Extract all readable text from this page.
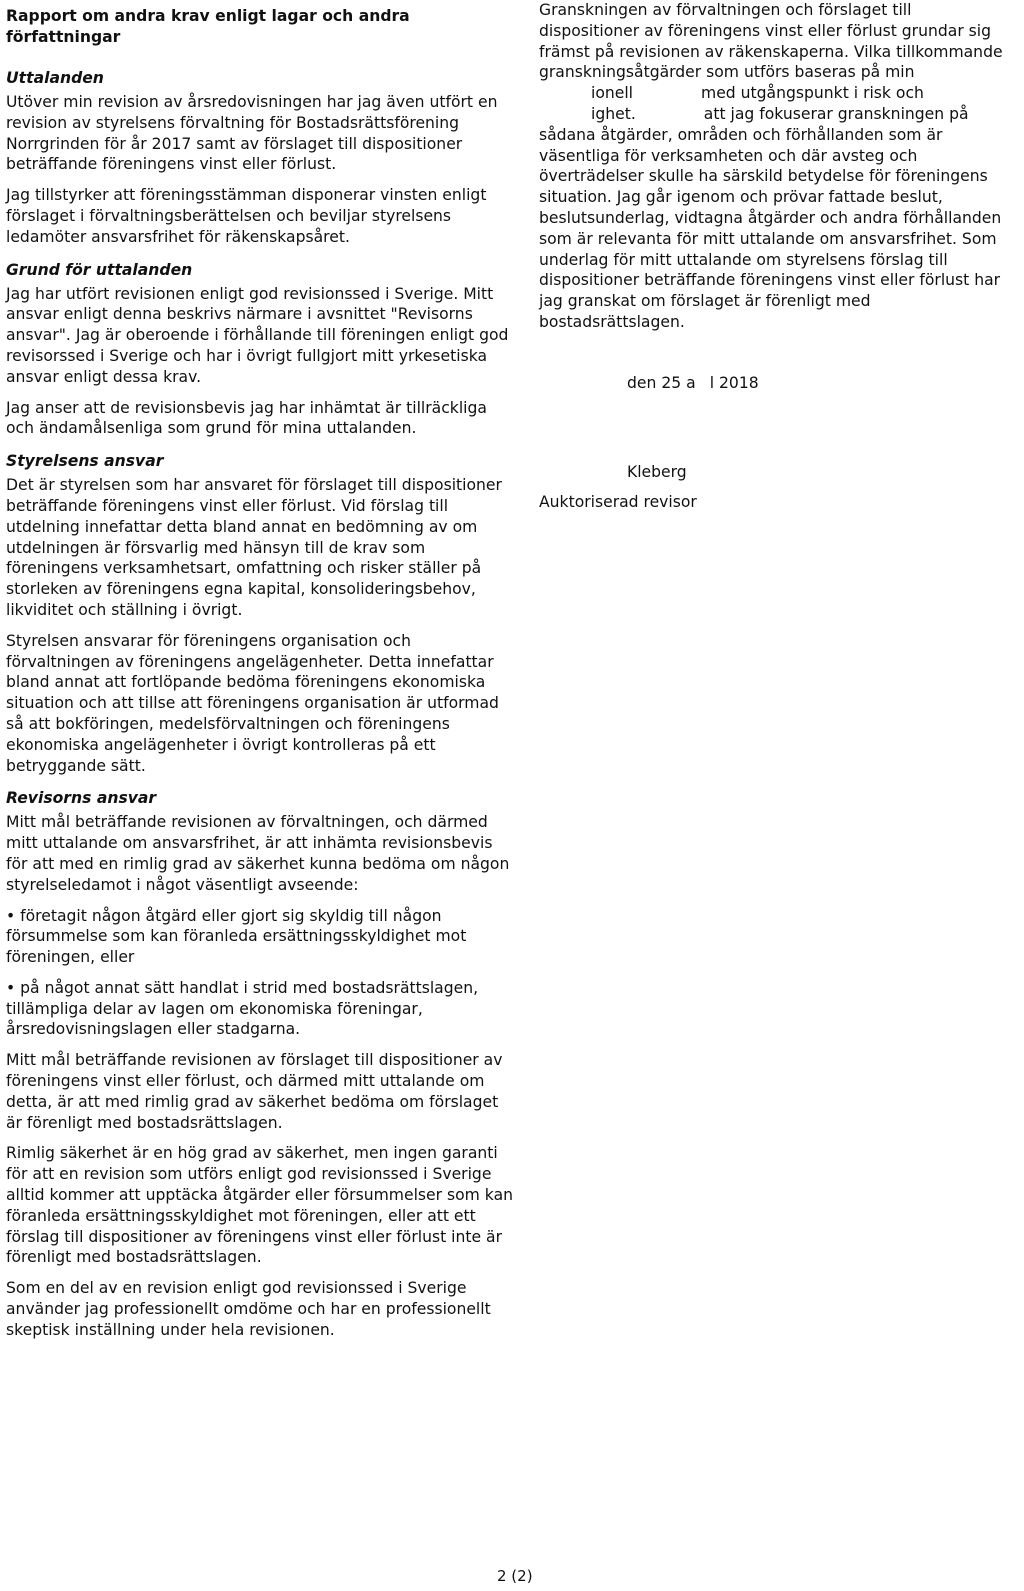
Rapport om andra krav enligt lagar och andra
författningar
Uttalanden

Utöver min revision av årsredovisningen har jag även utfört en revision av styrelsens förvaltning för Bostadsrättsförening Norrgrinden för år 2017 samt av förslaget till dispositioner beträffande föreningens vinst eller förlust.

Jag tillstyrker att föreningsstämman disponerar vinsten enligt förslaget i förvaltningsberättelsen och beviljar styrelsens ledamöter ansvarsfrihet för räkenskapsåret.

Grund för uttalanden

Jag har utfört revisionen enligt god revisionssed i Sverige. Mitt ansvar enligt denna beskrivs närmare i avsnittet "Revisorns ansvar". Jag är oberoende i förhållande till föreningen enligt god revisorssed i Sverige och har i övrigt fullgjort mitt yrkesetiska ansvar enligt dessa krav.

Jag anser att de revisionsbevis jag har inhämtat är tillräckliga och ändamålsenliga som grund för mina uttalanden.

Styrelsens ansvar

Det är styrelsen som har ansvaret för förslaget till dispositioner beträffande föreningens vinst eller förlust. Vid förslag till utdelning innefattar detta bland annat en bedömning av om utdelningen är försvarlig med hänsyn till de krav som föreningens verksamhetsart, omfattning och risker ställer på storleken av föreningens egna kapital, konsolideringsbehov, likviditet och ställning i övrigt.

Styrelsen ansvarar för föreningens organisation och förvaltningen av föreningens angelägenheter. Detta innefattar bland annat att fortlöpande bedöma föreningens ekonomiska situation och att tillse att föreningens organisation är utformad så att bokföringen, medelsförvaltningen och föreningens ekonomiska angelägenheter i övrigt kontrolleras på ett betryggande sätt.

Revisorns ansvar

Mitt mål beträffande revisionen av förvaltningen, och därmed mitt uttalande om ansvarsfrihet, är att inhämta revisionsbevis för att med en rimlig grad av säkerhet kunna bedöma om någon styrelseledamot i något väsentligt avseende:

• företagit någon åtgärd eller gjort sig skyldig till någon försummelse som kan föranleda ersättningsskyldighet mot föreningen, eller

• på något annat sätt handlat i strid med bostadsrättslagen, tillämpliga delar av lagen om ekonomiska föreningar, årsredovisningslagen eller stadgarna.

Mitt mål beträffande revisionen av förslaget till dispositioner av föreningens vinst eller förlust, och därmed mitt uttalande om detta, är att med rimlig grad av säkerhet bedöma om förslaget är förenligt med bostadsrättslagen.

Rimlig säkerhet är en hög grad av säkerhet, men ingen garanti för att en revision som utförs enligt god revisionssed i Sverige alltid kommer att upptäcka åtgärder eller försummelser som kan föranleda ersättningsskyldighet mot föreningen, eller att ett förslag till dispositioner av föreningens vinst eller förlust inte är förenligt med bostadsrättslagen.

Som en del av en revision enligt god revisionssed i Sverige använder jag professionellt omdöme och har en professionellt skeptisk inställning under hela revisionen.

Granskningen av förvaltningen och förslaget till
dispositioner av föreningens vinst eller förlust grundar sig
främst på revisionen av räkenskaperna. Vilka tillkommande
granskningsåtgärder som utförs baseras på min
ionell	med utgångspunkt i risk och
ighet.	att jag fokuserar granskningen på
sådana åtgärder, områden och förhållanden som är
väsentliga för verksamheten och där avsteg och
överträdelser skulle ha särskild betydelse för föreningens
situation. Jag går igenom och prövar fattade beslut,
beslutsunderlag, vidtagna åtgärder och andra förhållanden
som är relevanta för mitt uttalande om ansvarsfrihet. Som
underlag för mitt uttalande om styrelsens förslag till
dispositioner beträffande föreningens vinst eller förlust har
jag granskat om förslaget är förenligt med
bostadsrättslagen.
den 25 a l 2018
Kleberg
Auktoriserad revisor
2 (2)
